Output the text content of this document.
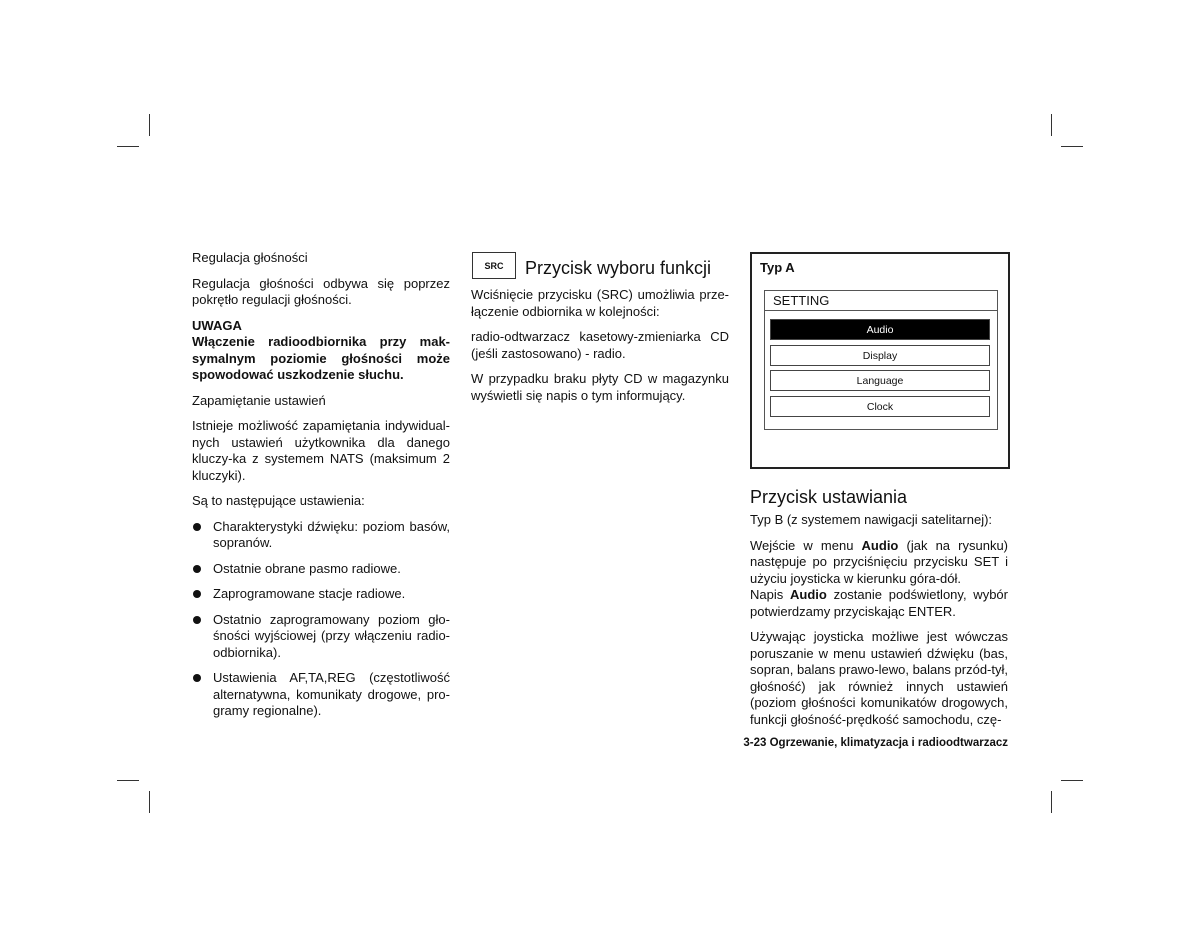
Regulacja głośności

Regulacja głośności odbywa się poprzez pokrętło regulacji głośności.

UWAGA
Włączenie radioodbiornika przy mak-symalnym poziomie głośności może spowodować uszkodzenie słuchu.

Zapamiętanie ustawień

Istnieje możliwość zapamiętania indywidual-nych ustawień użytkownika dla danego kluczy-ka z systemem NATS (maksimum 2 kluczyki).

Są to następujące ustawienia:

Charakterystyki dźwięku: poziom basów, sopranów.
Ostatnie obrane pasmo radiowe.
Zaprogramowane stacje radiowe.
Ostatnio zaprogramowany poziom gło-śności wyjściowej (przy włączeniu radio-odbiornika).
Ustawienia AF,TA,REG (częstotliwość alternatywna, komunikaty drogowe, pro-gramy regionalne).
SRC	Przycisk wyboru funkcji

Wciśnięcie przycisku (SRC) umożliwia prze-łączenie odbiornika w kolejności:

radio-odtwarzacz kasetowy-zmieniarka CD (jeśli zastosowano) - radio.

W przypadku braku płyty CD w magazynku wyświetli się napis o tym informujący.

Typ A
SETTING
Audio
Display
Language
Clock
Przycisk ustawiania

Typ B (z systemem nawigacji satelitarnej):

Wejście w menu Audio (jak na rysunku) następuje po przyciśnięciu przycisku SET i użyciu joysticka w kierunku góra-dół.
Napis Audio zostanie podświetlony, wybór potwierdzamy przyciskając ENTER.

Używając joysticka możliwe jest wówczas poruszanie w menu ustawień dźwięku (bas, sopran, balans prawo-lewo, balans przód-tył, głośność) jak również innych ustawień (poziom głośności komunikatów drogowych, funkcji głośność-prędkość samochodu, czę-

3-23 Ogrzewanie, klimatyzacja i radioodtwarzacz
